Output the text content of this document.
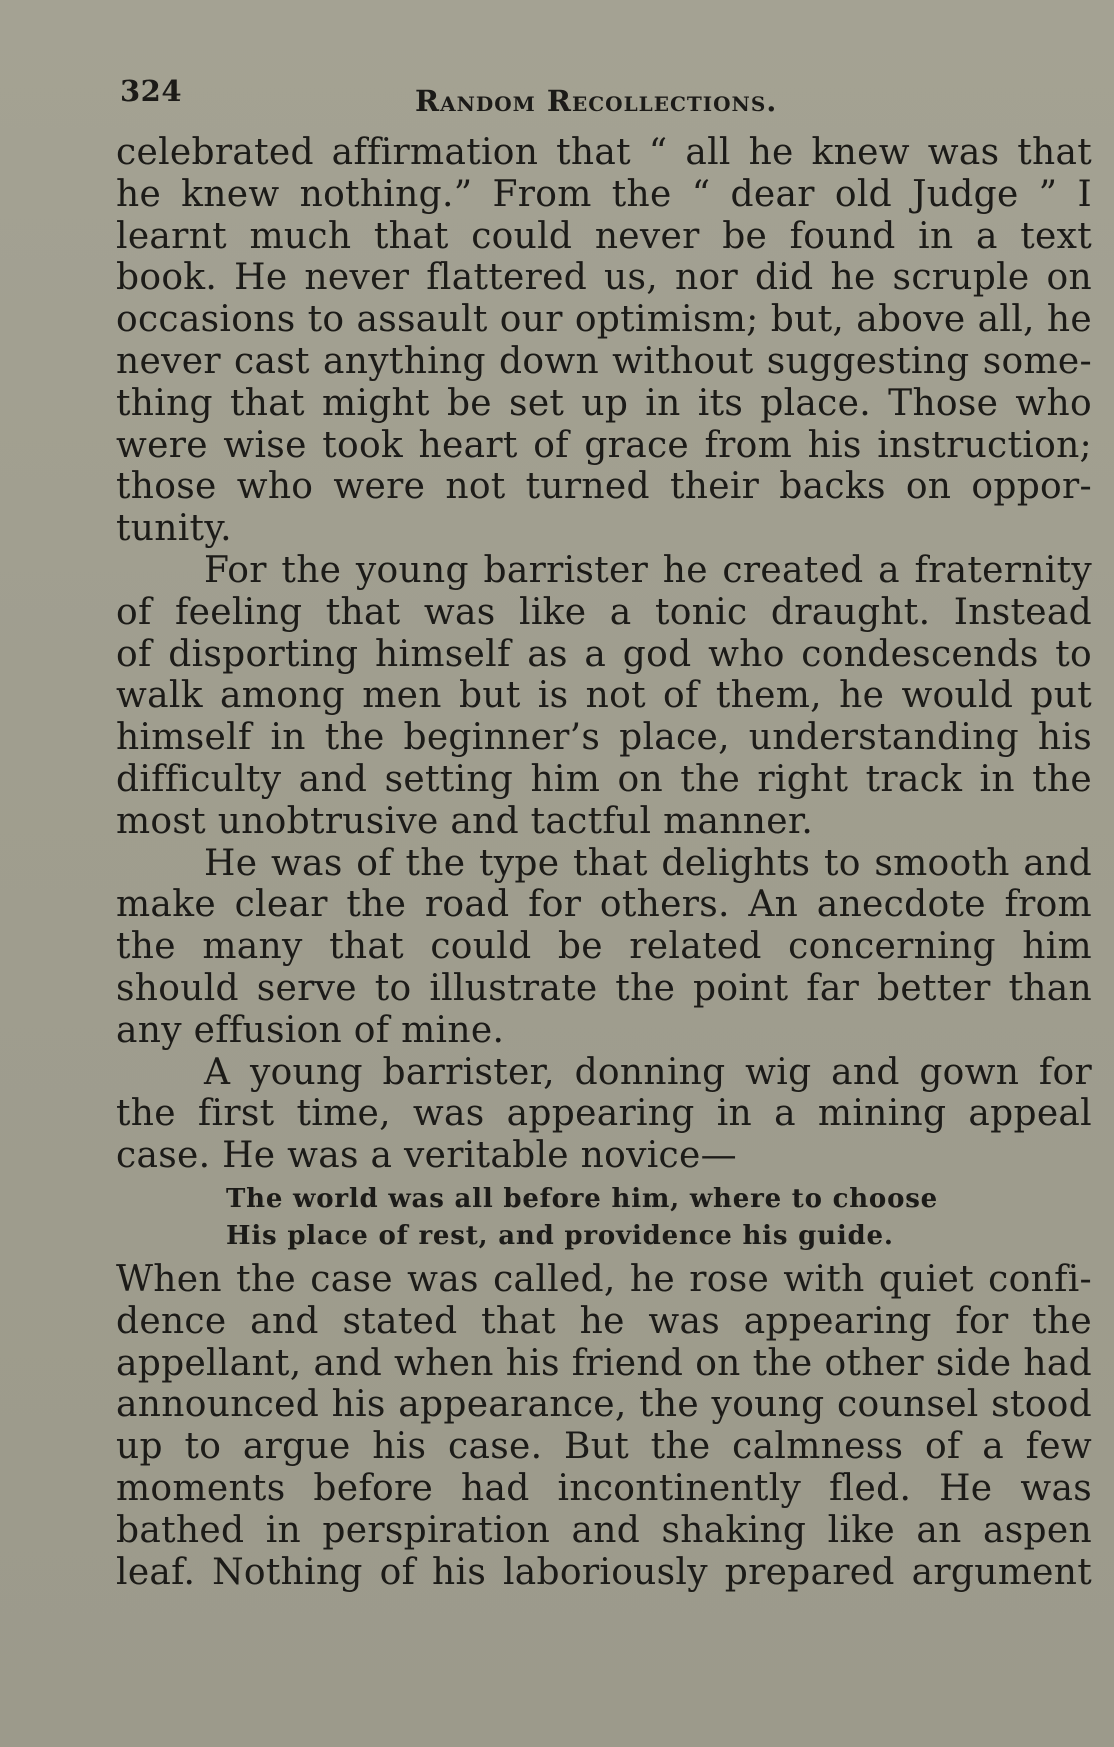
324	Random Recollections.
celebrated affirmation that “ all he knew was that
he knew nothing.” From the “ dear old Judge ” I
learnt much that could never be found in a text
book. He never flattered us, nor did he scruple on
occasions to assault our optimism; but, above all, he
never cast anything down without suggesting some-
thing that might be set up in its place. Those who
were wise took heart of grace from his instruction;
those who were not turned their backs on oppor-
tunity.
For the young barrister he created a fraternity
of feeling that was like a tonic draught. Instead
of disporting himself as a god who condescends to
walk among men but is not of them, he would put
himself in the beginner’s place, understanding his
difficulty and setting him on the right track in the
most unobtrusive and tactful manner.
He was of the type that delights to smooth and
make clear the road for others. An anecdote from
the many that could be related concerning him
should serve to illustrate the point far better than
any effusion of mine.
A young barrister, donning wig and gown for
the first time, was appearing in a mining appeal
case. He was a veritable novice—
The world was all before him, where to choose
His place of rest, and providence his guide.
When the case was called, he rose with quiet confi-
dence and stated that he was appearing for the
appellant, and when his friend on the other side had
announced his appearance, the young counsel stood
up to argue his case. But the calmness of a few
moments before had incontinently fled. He was
bathed in perspiration and shaking like an aspen
leaf. Nothing of his laboriously prepared argument
